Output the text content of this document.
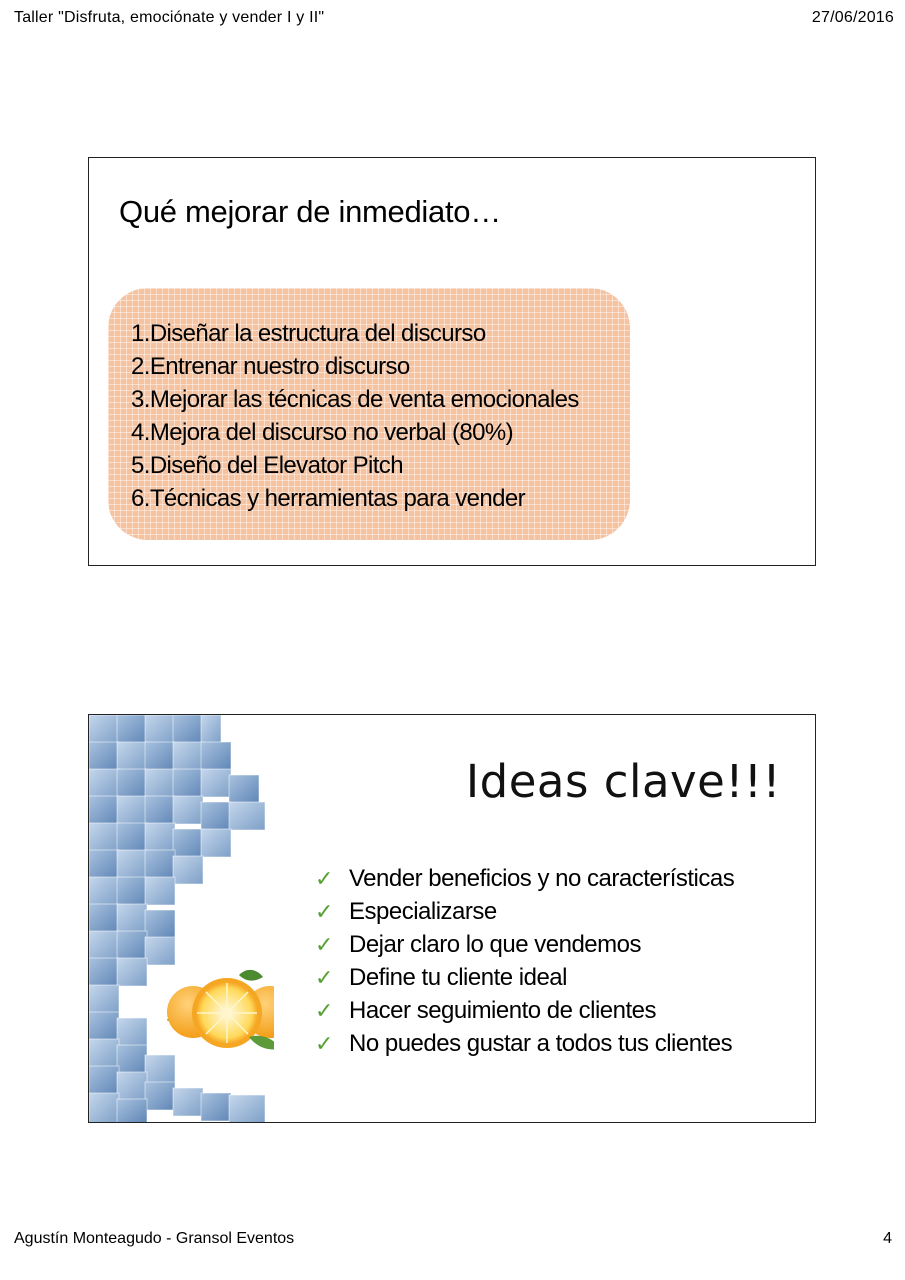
Taller "Disfruta, emociónate y vender I y II"	27/06/2016
Qué mejorar de inmediato…
1.Diseñar la estructura del discurso
2.Entrenar nuestro discurso
3.Mejorar las técnicas de venta emocionales
4.Mejora del discurso no verbal (80%)
5.Diseño del Elevator Pitch
6.Técnicas y herramientas para vender
Ideas clave!!!
✓ Vender beneficios y no características
✓ Especializarse
✓ Dejar claro lo que vendemos
✓ Define tu cliente ideal
✓ Hacer seguimiento de clientes
✓ No puedes gustar a todos tus clientes
Agustín Monteagudo - Gransol Eventos	4
